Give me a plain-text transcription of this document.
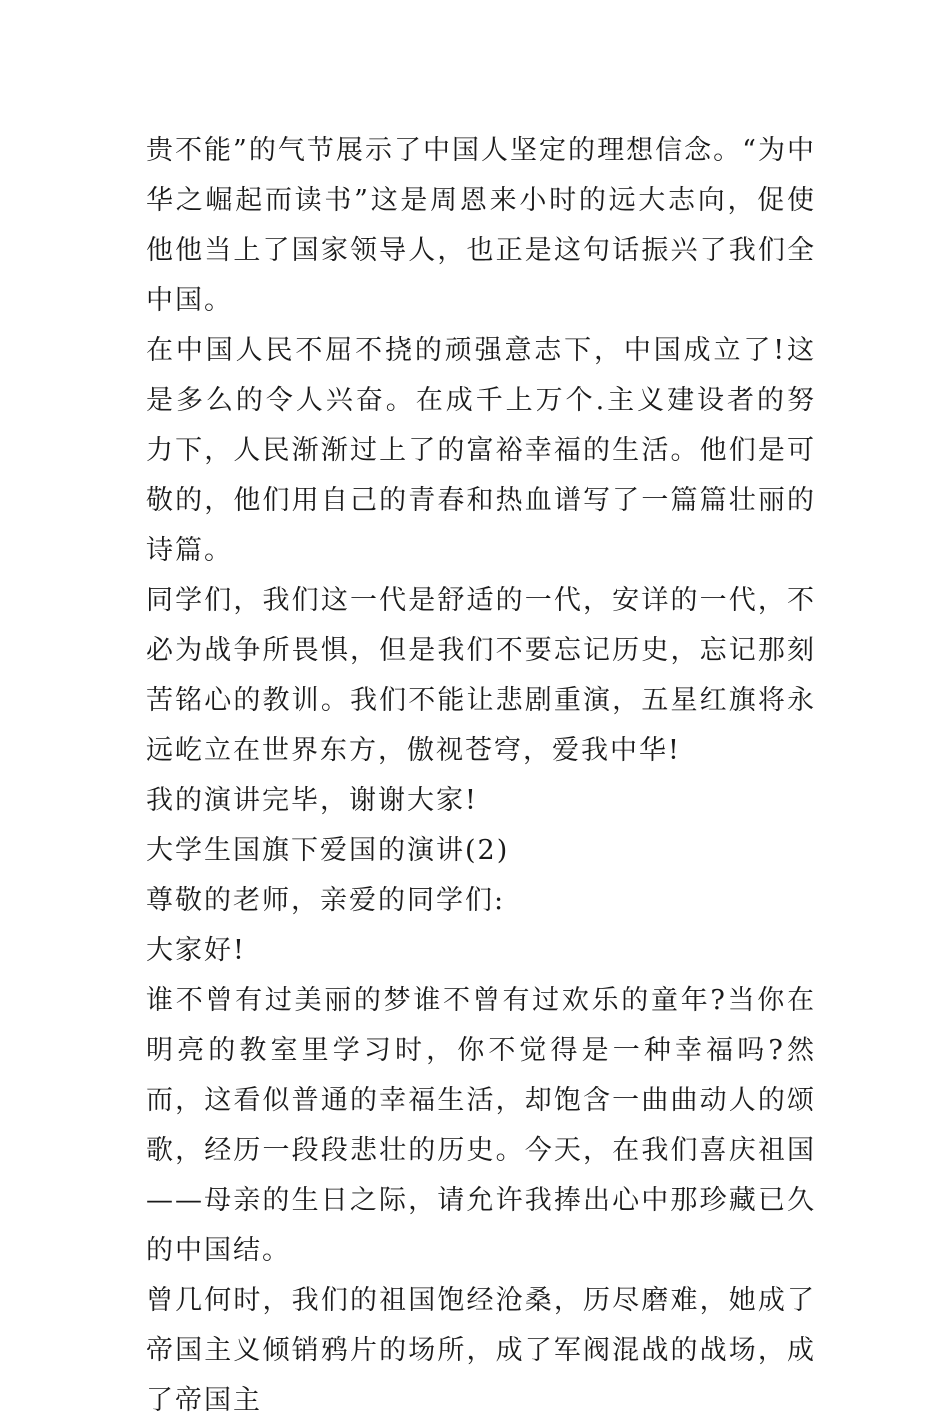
贵不能”的气节展示了中国人坚定的理想信念。“为中华之崛起而读书”这是周恩来小时的远大志向，促使他他当上了国家领导人，也正是这句话振兴了我们全中国。

在中国人民不屈不挠的顽强意志下，中国成立了!这是多么的令人兴奋。在成千上万个.主义建设者的努力下，人民渐渐过上了的富裕幸福的生活。他们是可敬的，他们用自己的青春和热血谱写了一篇篇壮丽的诗篇。

同学们，我们这一代是舒适的一代，安详的一代，不必为战争所畏惧，但是我们不要忘记历史，忘记那刻苦铭心的教训。我们不能让悲剧重演，五星红旗将永远屹立在世界东方，傲视苍穹，爱我中华!

我的演讲完毕，谢谢大家!

大学生国旗下爱国的演讲(2)

尊敬的老师，亲爱的同学们:

大家好!

谁不曾有过美丽的梦谁不曾有过欢乐的童年?当你在明亮的教室里学习时，你不觉得是一种幸福吗?然而，这看似普通的幸福生活，却饱含一曲曲动人的颂歌，经历一段段悲壮的历史。今天，在我们喜庆祖国——母亲的生日之际，请允许我捧出心中那珍藏已久的中国结。

曾几何时，我们的祖国饱经沧桑，历尽磨难，她成了帝国主义倾销鸦片的场所，成了军阀混战的战场，成了帝国主
